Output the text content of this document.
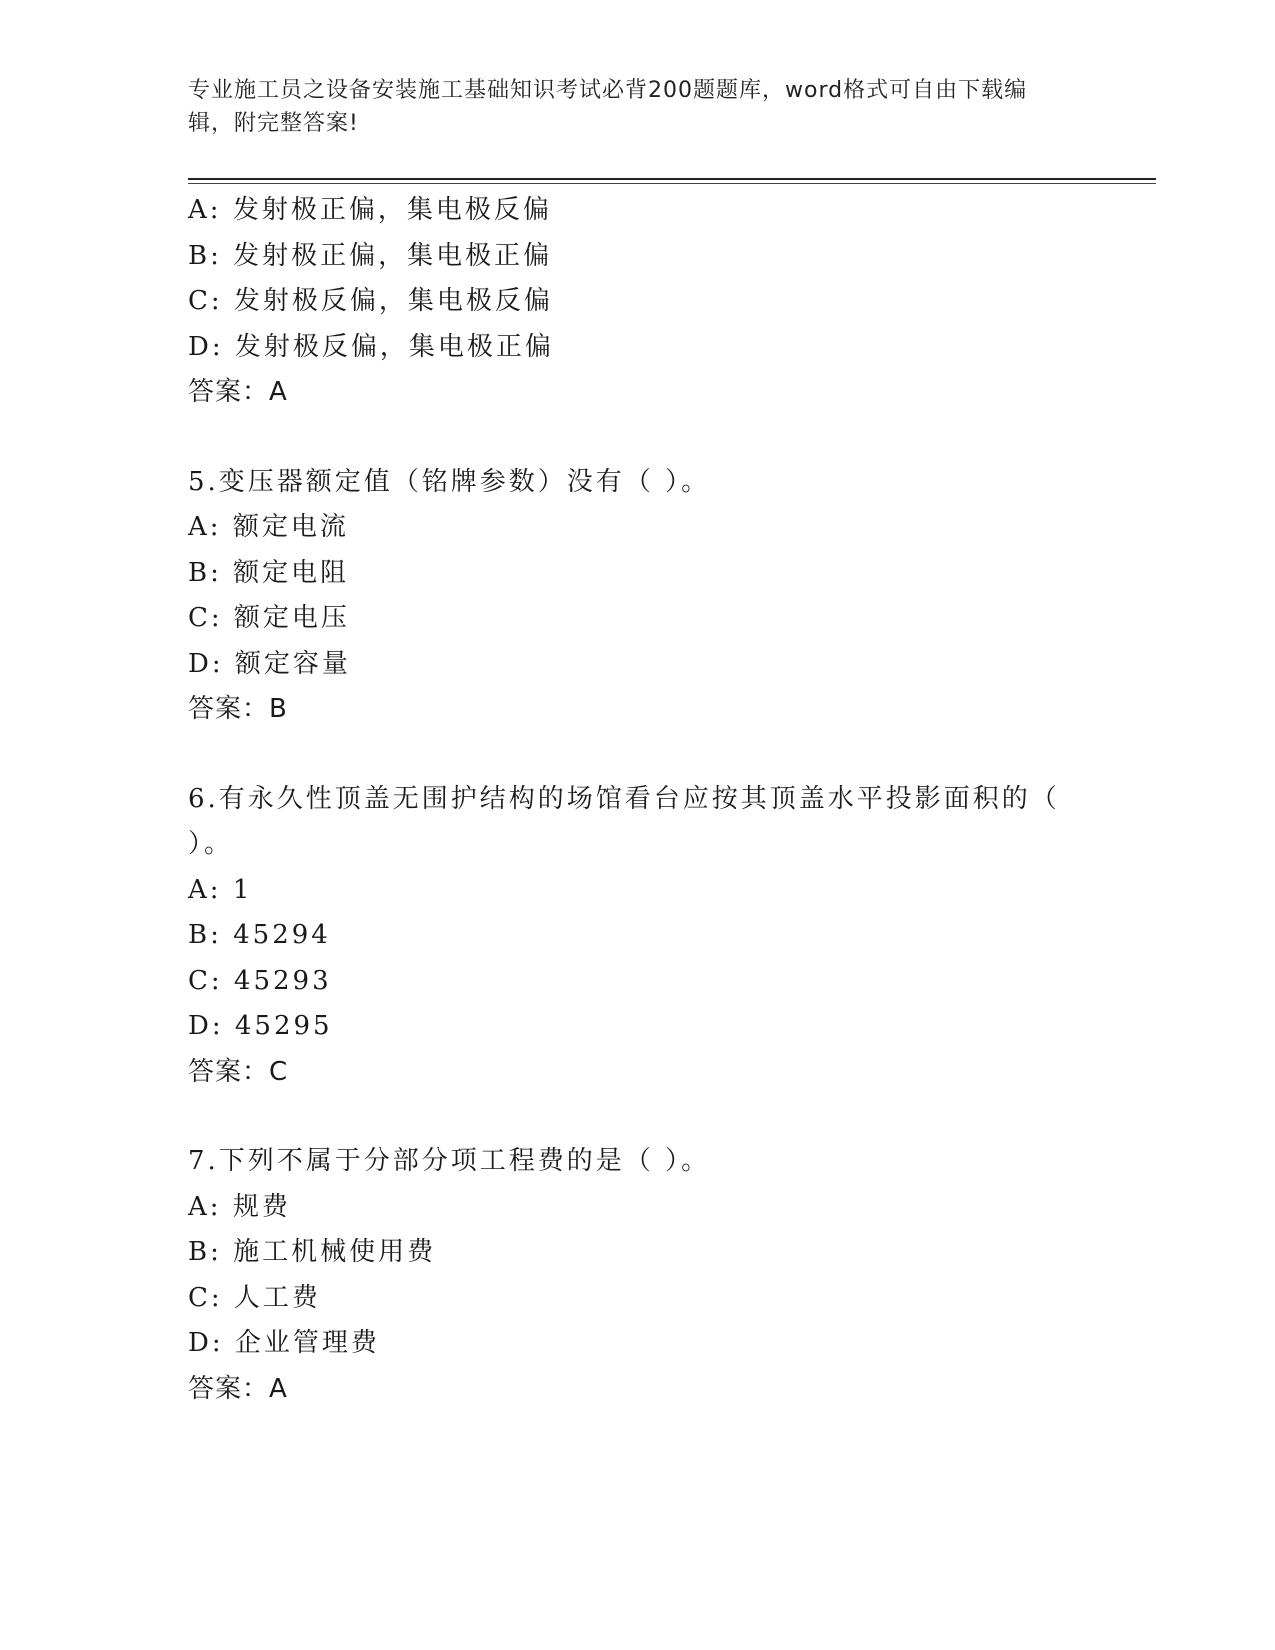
专业施工员之设备安装施工基础知识考试必背200题题库，word格式可自由下载编辑，附完整答案!
A: 发射极正偏，集电极反偏
B: 发射极正偏，集电极正偏
C: 发射极反偏，集电极反偏
D: 发射极反偏，集电极正偏
答案：A
5.变压器额定值（铭牌参数）没有（ ）。
A: 额定电流
B: 额定电阻
C: 额定电压
D: 额定容量
答案：B
6.有永久性顶盖无围护结构的场馆看台应按其顶盖水平投影面积的（ ）。
A: 1
B: 45294
C: 45293
D: 45295
答案：C
7.下列不属于分部分项工程费的是（ ）。
A: 规费
B: 施工机械使用费
C: 人工费
D: 企业管理费
答案：A
